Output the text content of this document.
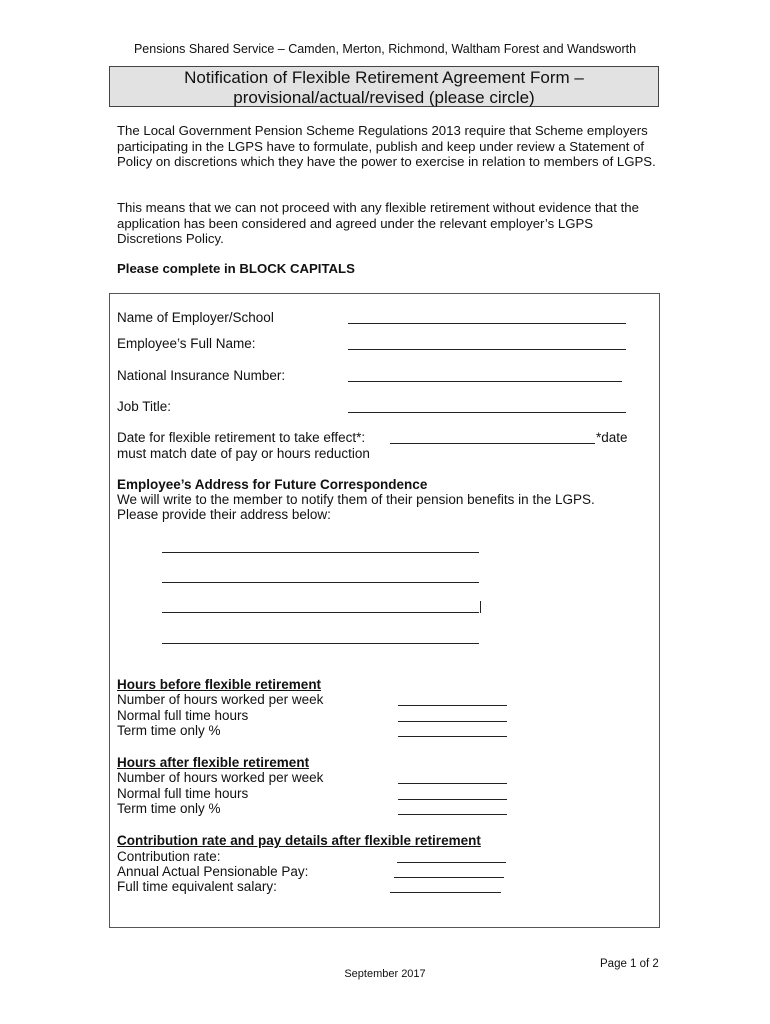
Pensions Shared Service – Camden, Merton, Richmond, Waltham Forest and Wandsworth
Notification of Flexible Retirement Agreement Form –
provisional/actual/revised (please circle)
The Local Government Pension Scheme Regulations 2013 require that Scheme employers participating in the LGPS have to formulate, publish and keep under review a Statement of Policy on discretions which they have the power to exercise in relation to members of LGPS.
This means that we can not proceed with any flexible retirement without evidence that the application has been considered and agreed under the relevant employer’s LGPS Discretions Policy.
Please complete in BLOCK CAPITALS
Name of Employer/School
Employee’s Full Name:
National Insurance Number:
Job Title:
Date for flexible retirement to take effect*:	*date
must match date of pay or hours reduction
Employee’s Address for Future Correspondence
We will write to the member to notify them of their pension benefits in the LGPS.
Please provide their address below:
Hours before flexible retirement
Number of hours worked per week
Normal full time hours
Term time only %
Hours after flexible retirement
Number of hours worked per week
Normal full time hours
Term time only %
Contribution rate and pay details after flexible retirement
Contribution rate:
Annual Actual Pensionable Pay:
Full time equivalent salary:
Page 1 of 2
September 2017
